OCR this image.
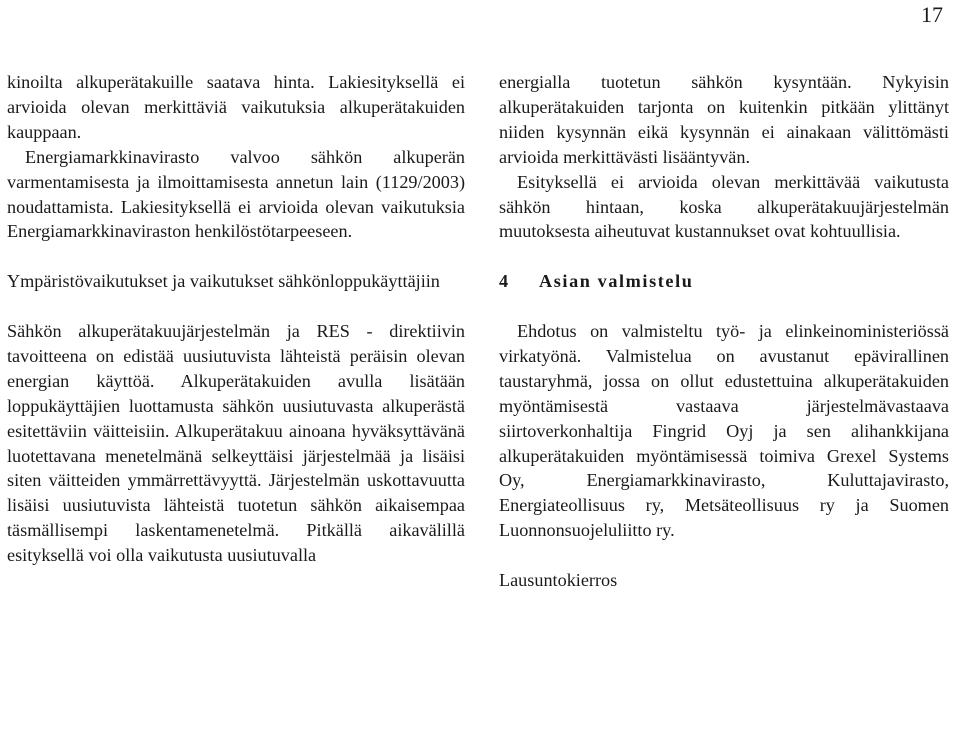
17

kinoilta alkuperätakuille saatava hinta. Lakiesityksellä ei arvioida olevan merkittäviä vaikutuksia alkuperätakuiden kauppaan.

Energiamarkkinavirasto valvoo sähkön alkuperän varmentamisesta ja ilmoittamisesta annetun lain (1129/2003) noudattamista. Lakiesityksellä ei arvioida olevan vaikutuksia Energiamarkkinaviraston henkilöstötarpeeseen.

Ympäristövaikutukset ja vaikutukset sähkönloppukäyttäjiin

Sähkön alkuperätakuujärjestelmän ja RES - direktiivin tavoitteena on edistää uusiutuvista lähteistä peräisin olevan energian käyttöä. Alkuperätakuiden avulla lisätään loppukäyttäjien luottamusta sähkön uusiutuvasta alkuperästä esitettäviin väitteisiin. Alkuperätakuu ainoana hyväksyttävänä luotettavana menetelmänä selkeyttäisi järjestelmää ja lisäisi siten väitteiden ymmärrettävyyttä. Järjestelmän uskottavuutta lisäisi uusiutuvista lähteistä tuotetun sähkön aikaisempaa täsmällisempi laskentamenetelmä. Pitkällä aikavälillä esityksellä voi olla vaikutusta uusiutuvalla

energialla tuotetun sähkön kysyntään. Nykyisin alkuperätakuiden tarjonta on kuitenkin pitkään ylittänyt niiden kysynnän eikä kysynnän ei ainakaan välittömästi arvioida merkittävästi lisääntyvän.

Esityksellä ei arvioida olevan merkittävää vaikutusta sähkön hintaan, koska alkuperätakuujärjestelmän muutoksesta aiheutuvat kustannukset ovat kohtuullisia.

4 Asian valmistelu

Ehdotus on valmisteltu työ- ja elinkeinoministeriössä virkatyönä. Valmistelua on avustanut epävirallinen taustaryhmä, jossa on ollut edustettuina alkuperätakuiden myöntämisestä vastaava järjestelmävastaava siirtoverkonhaltija Fingrid Oyj ja sen alihankkijana alkuperätakuiden myöntämisessä toimiva Grexel Systems Oy, Energiamarkkinavirasto, Kuluttajavirasto, Energiateollisuus ry, Metsäteollisuus ry ja Suomen Luonnonsuojeluliitto ry.

Lausuntokierros
